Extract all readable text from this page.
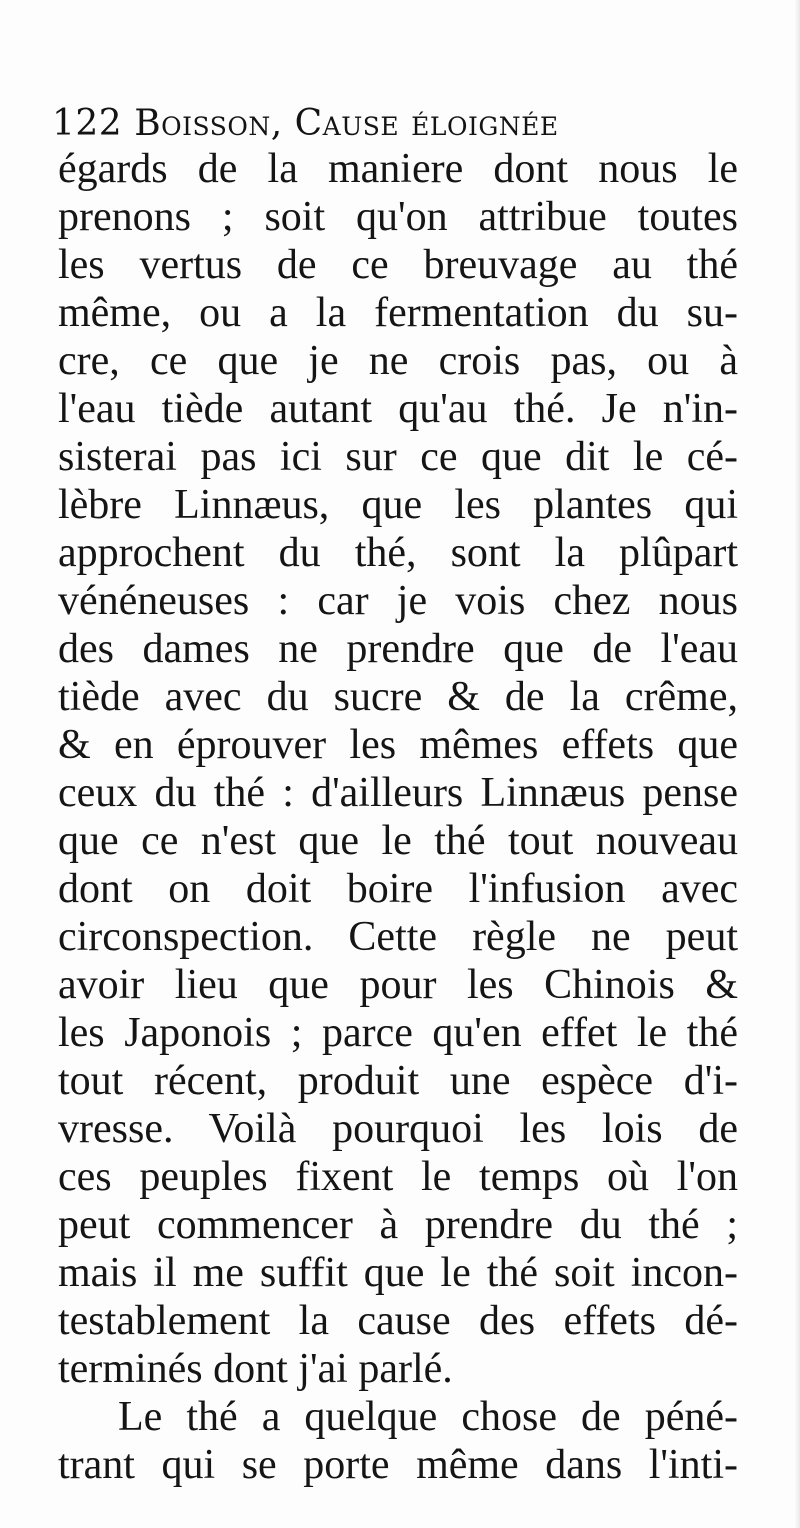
122 Boisson, Cause éloignée
égards de la maniere dont nous le
prenons ; soit qu'on attribue toutes
les vertus de ce breuvage au thé
même, ou a la fermentation du su-
cre, ce que je ne crois pas, ou à
l'eau tiède autant qu'au thé. Je n'in-
sisterai pas ici sur ce que dit le cé-
lèbre Linnæus, que les plantes qui
approchent du thé, sont la plûpart
vénéneuses : car je vois chez nous
des dames ne prendre que de l'eau
tiède avec du sucre & de la crême,
& en éprouver les mêmes effets que
ceux du thé : d'ailleurs Linnæus pense
que ce n'est que le thé tout nouveau
dont on doit boire l'infusion avec
circonspection. Cette règle ne peut
avoir lieu que pour les Chinois &
les Japonois ; parce qu'en effet le thé
tout récent, produit une espèce d'i-
vresse. Voilà pourquoi les lois de
ces peuples fixent le temps où l'on
peut commencer à prendre du thé ;
mais il me suffit que le thé soit incon-
testablement la cause des effets dé-
terminés dont j'ai parlé.
Le thé a quelque chose de péné-
trant qui se porte même dans l'inti-
